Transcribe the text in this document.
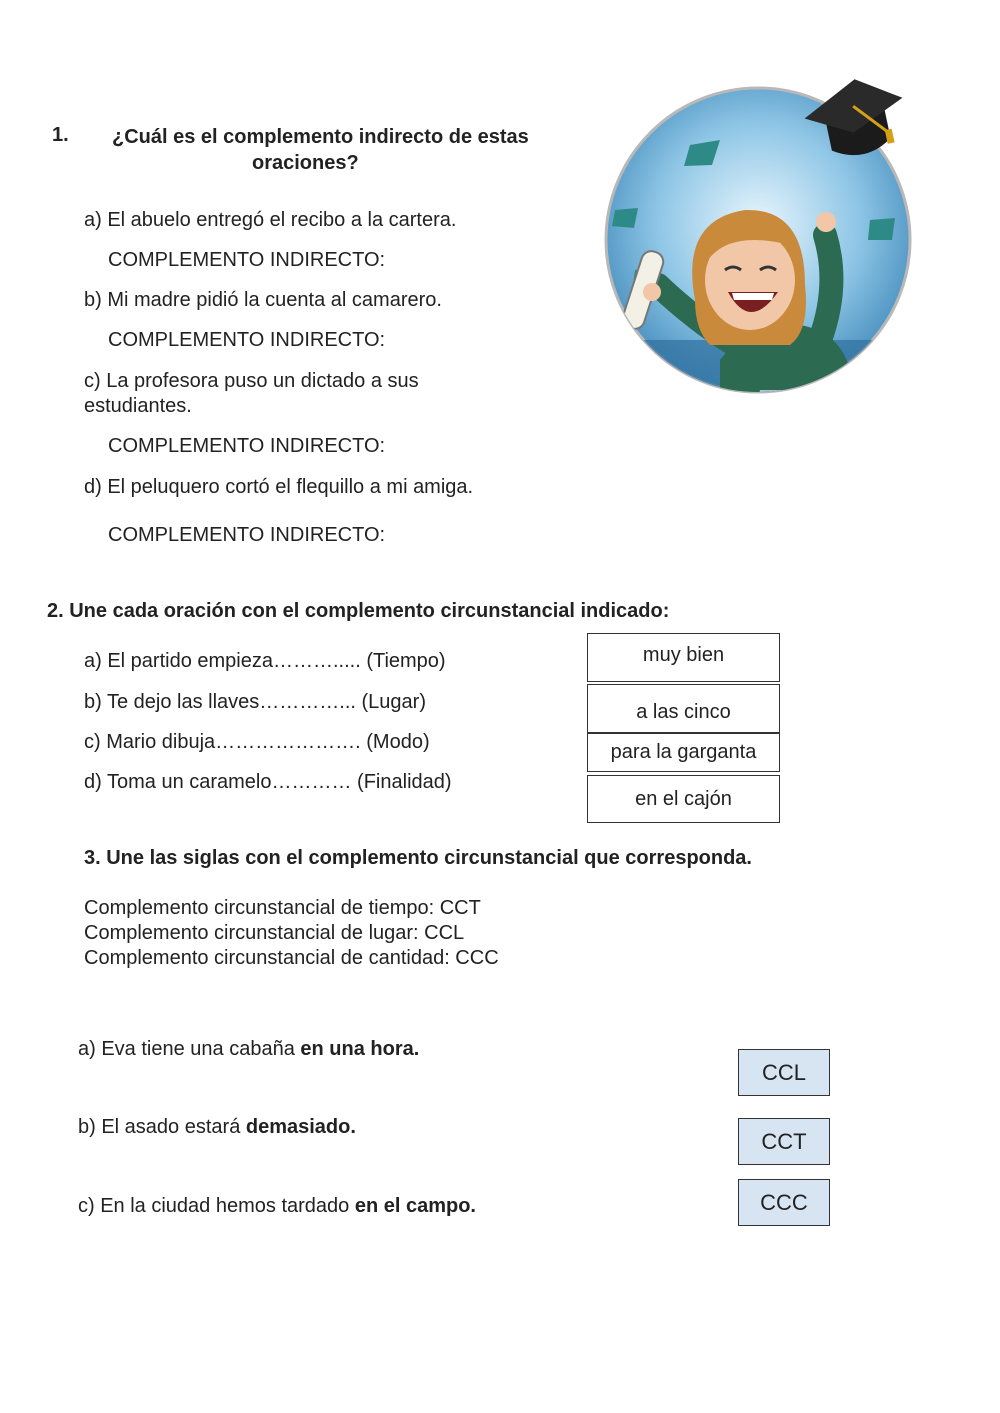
1. ¿Cuál es el complemento indirecto de estas
oraciones?
a) El abuelo entregó el recibo a la cartera.
COMPLEMENTO INDIRECTO:
b) Mi madre pidió la cuenta al camarero.
COMPLEMENTO INDIRECTO:
c) La profesora puso un dictado a sus
estudiantes.
COMPLEMENTO INDIRECTO:
d) El peluquero cortó el flequillo a mi amiga.
COMPLEMENTO INDIRECTO:
2. Une cada oración con el complemento circunstancial indicado:
a) El partido empieza………..... (Tiempo)
b) Te dejo las llaves…………... (Lugar)
c) Mario dibuja…………………. (Modo)
d) Toma un caramelo………… (Finalidad)
muy bien
a las cinco
para la garganta
en el cajón
3. Une las siglas con el complemento circunstancial que corresponda.
Complemento circunstancial de tiempo: CCT
Complemento circunstancial de lugar: CCL
Complemento circunstancial de cantidad: CCC
a) Eva tiene una cabaña en una hora.
b) El asado estará demasiado.
c) En la ciudad hemos tardado en el campo.
CCL
CCT
CCC
